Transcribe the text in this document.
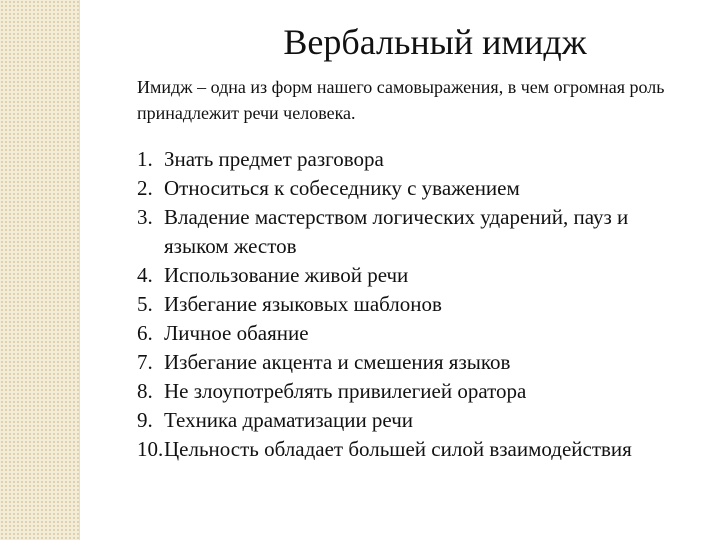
Вербальный имидж

Имидж – одна из форм нашего самовыражения, в чем огромная роль принадлежит речи человека.

1. Знать предмет разговора
2. Относиться к собеседнику с уважением
3. Владение мастерством логических ударений, пауз и языком жестов
4. Использование живой речи
5. Избегание языковых шаблонов
6. Личное обаяние
7. Избегание акцента и смешения языков
8. Не злоупотреблять привилегией оратора
9. Техника драматизации речи
10. Цельность обладает большей силой взаимодействия
